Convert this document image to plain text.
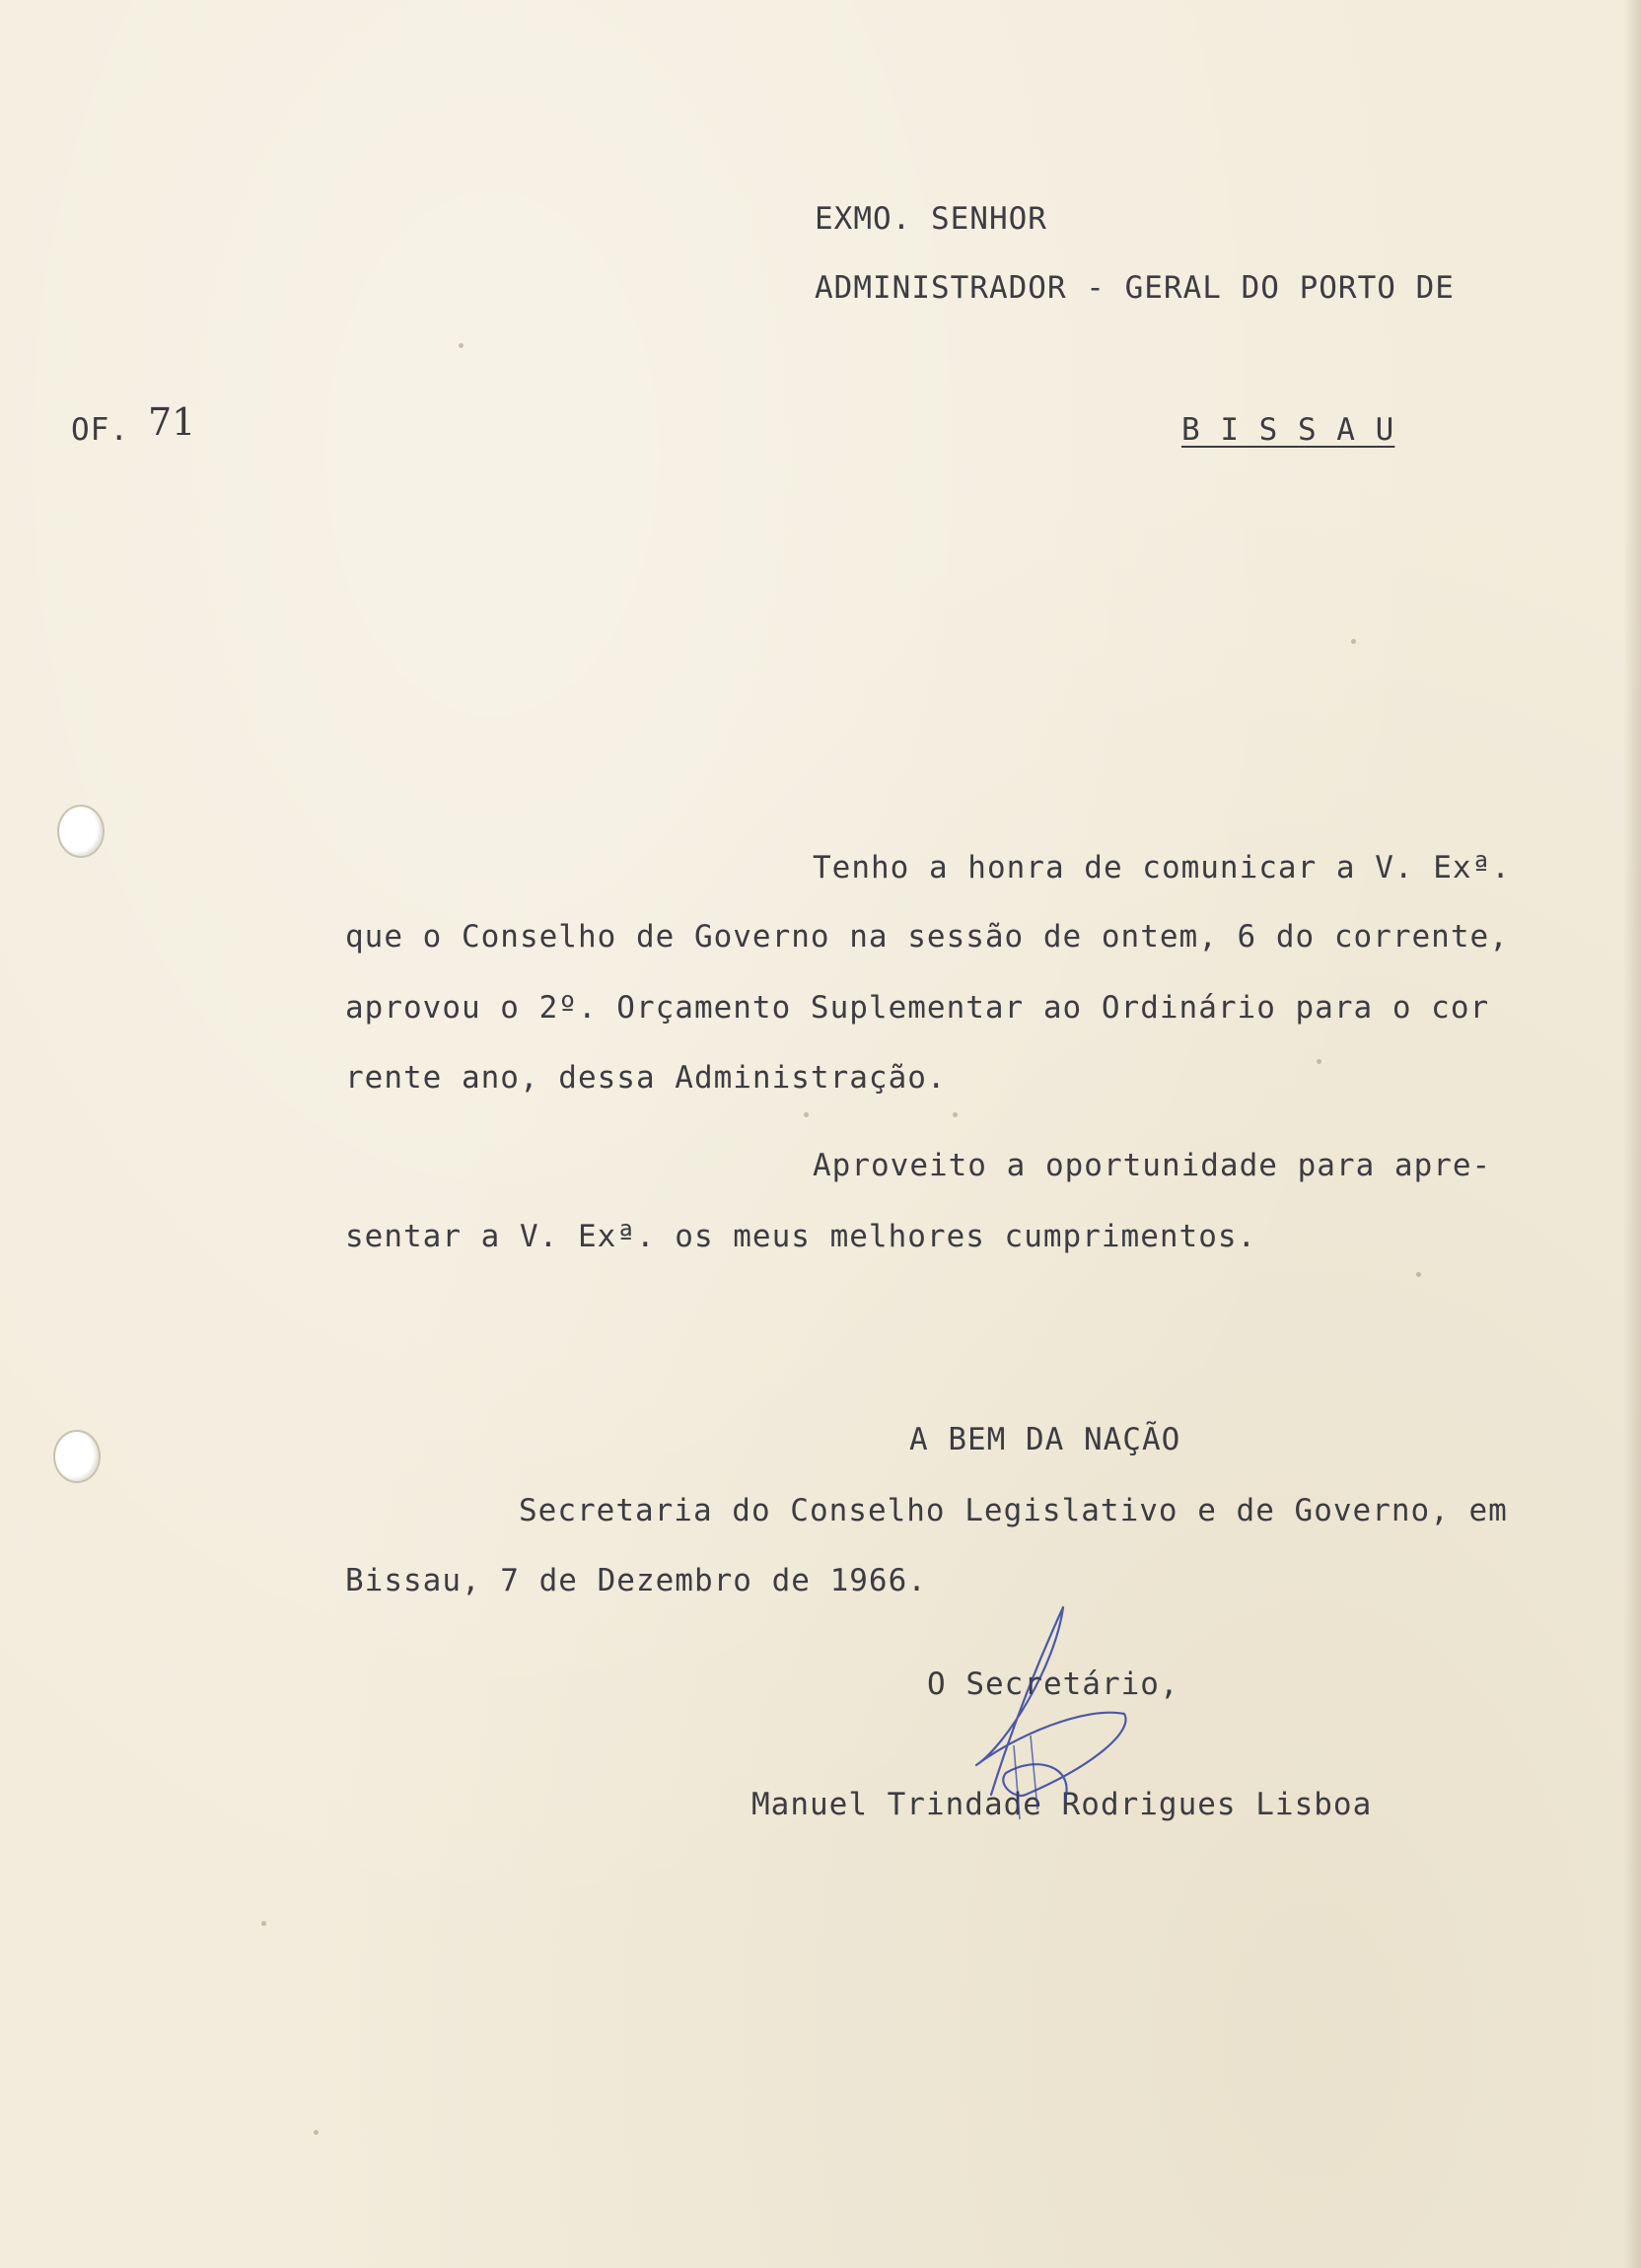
EXMO. SENHOR
ADMINISTRADOR - GERAL DO PORTO DE
OF. 71	B I S S A U
Tenho a honra de comunicar a V. Exª.
que o Conselho de Governo na sessão de ontem, 6 do corrente,
aprovou o 2º. Orçamento Suplementar ao Ordinário para o cor
rente ano, dessa Administração.
Aproveito a oportunidade para apre-
sentar a V. Exª. os meus melhores cumprimentos.
A BEM DA NAÇÃO
Secretaria do Conselho Legislativo e de Governo, em
Bissau, 7 de Dezembro de 1966.
O Secretário,
Manuel Trindade Rodrigues Lisboa
